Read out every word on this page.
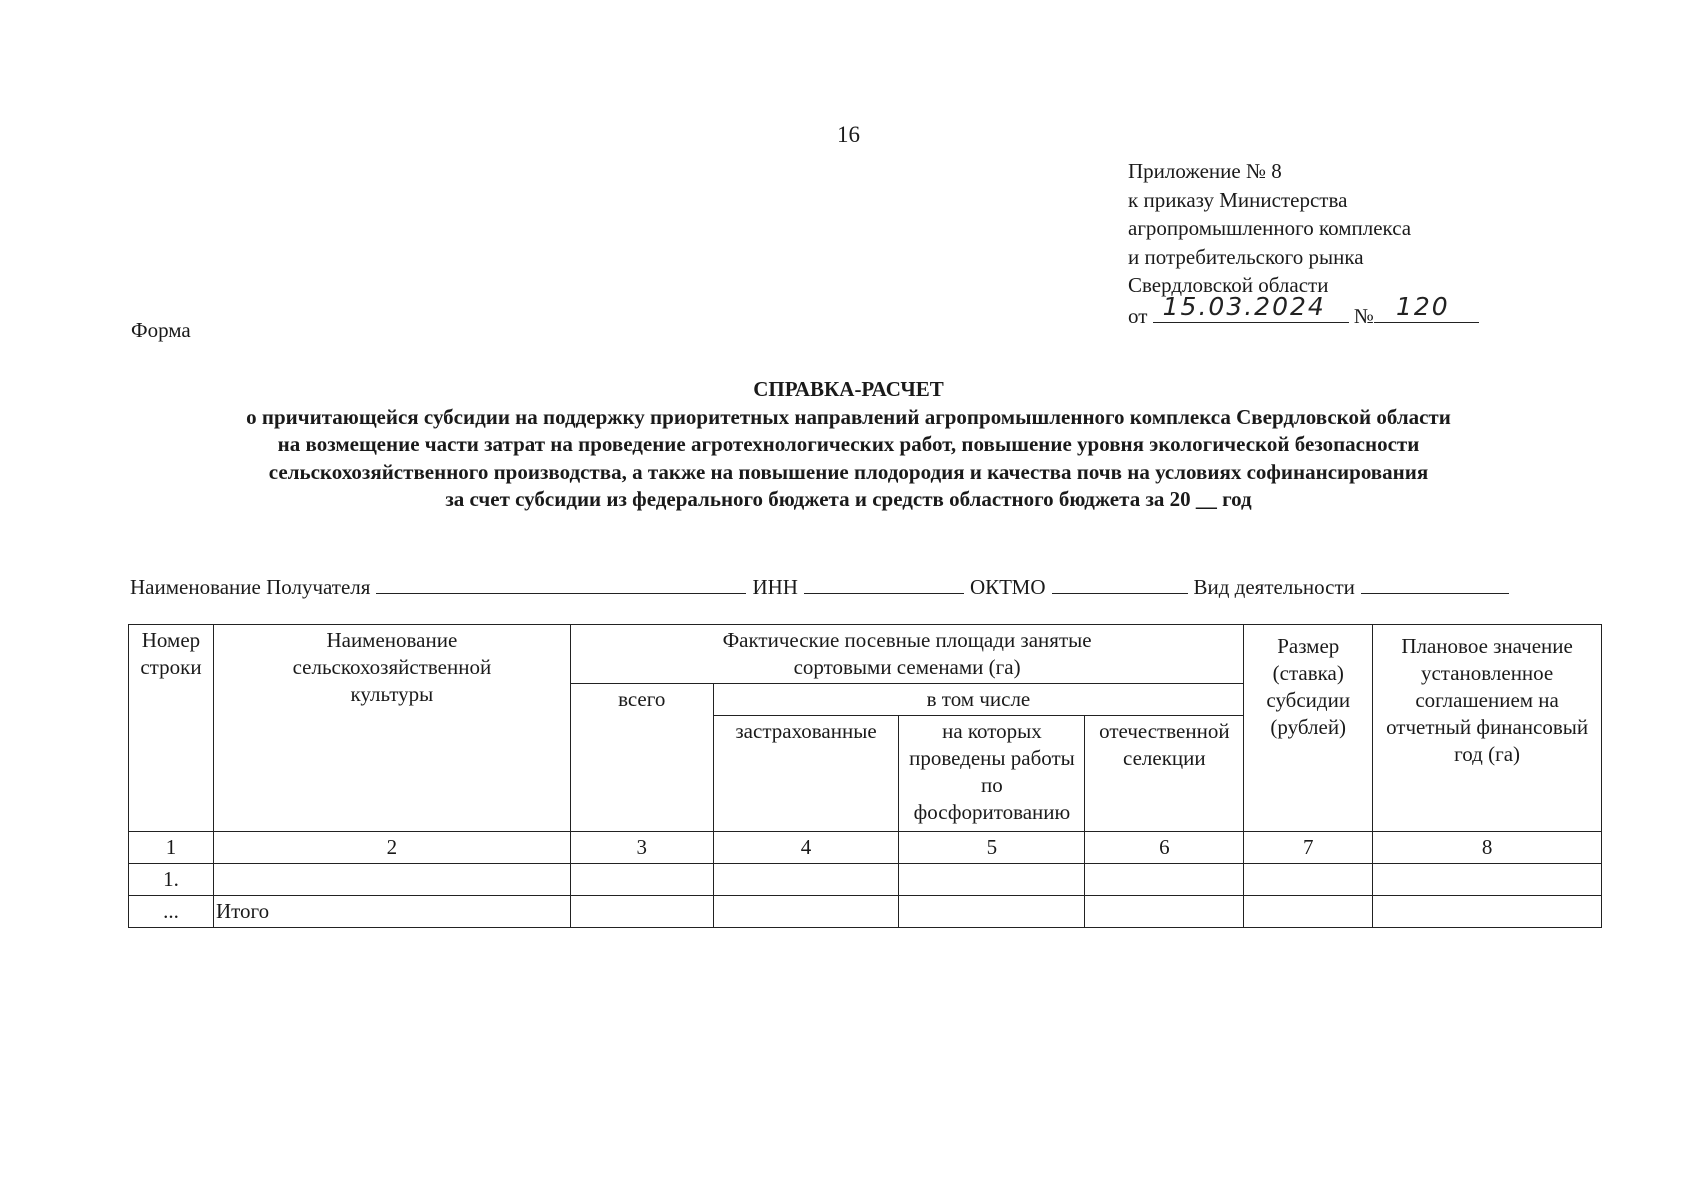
16
Приложение № 8
к приказу Министерства
агропромышленного комплекса
и потребительского рынка
Свердловской области
от 15.03.2024 № 120
Форма
СПРАВКА-РАСЧЕТ
о причитающейся субсидии на поддержку приоритетных направлений агропромышленного комплекса Свердловской области
на возмещение части затрат на проведение агротехнологических работ, повышение уровня экологической безопасности
сельскохозяйственного производства, а также на повышение плодородия и качества почв на условиях софинансирования
за счет субсидии из федерального бюджета и средств областного бюджета за 20 __ год
Наименование Получателя	ИНН	ОКТМО	Вид деятельности
Номер строки	Наименование сельскохозяйственной культуры	Фактические посевные площади занятые сортовыми семенами (га)				Размер (ставка) субсидии (рублей)	Плановое значение установленное соглашением на отчетный финансовый год (га)
		всего	в том числе				
			застрахованные	на которых проведены работы по фосфоритованию	отечественной селекции		
1	2	3	4	5	6	7	8
1.							
...	Итого						
